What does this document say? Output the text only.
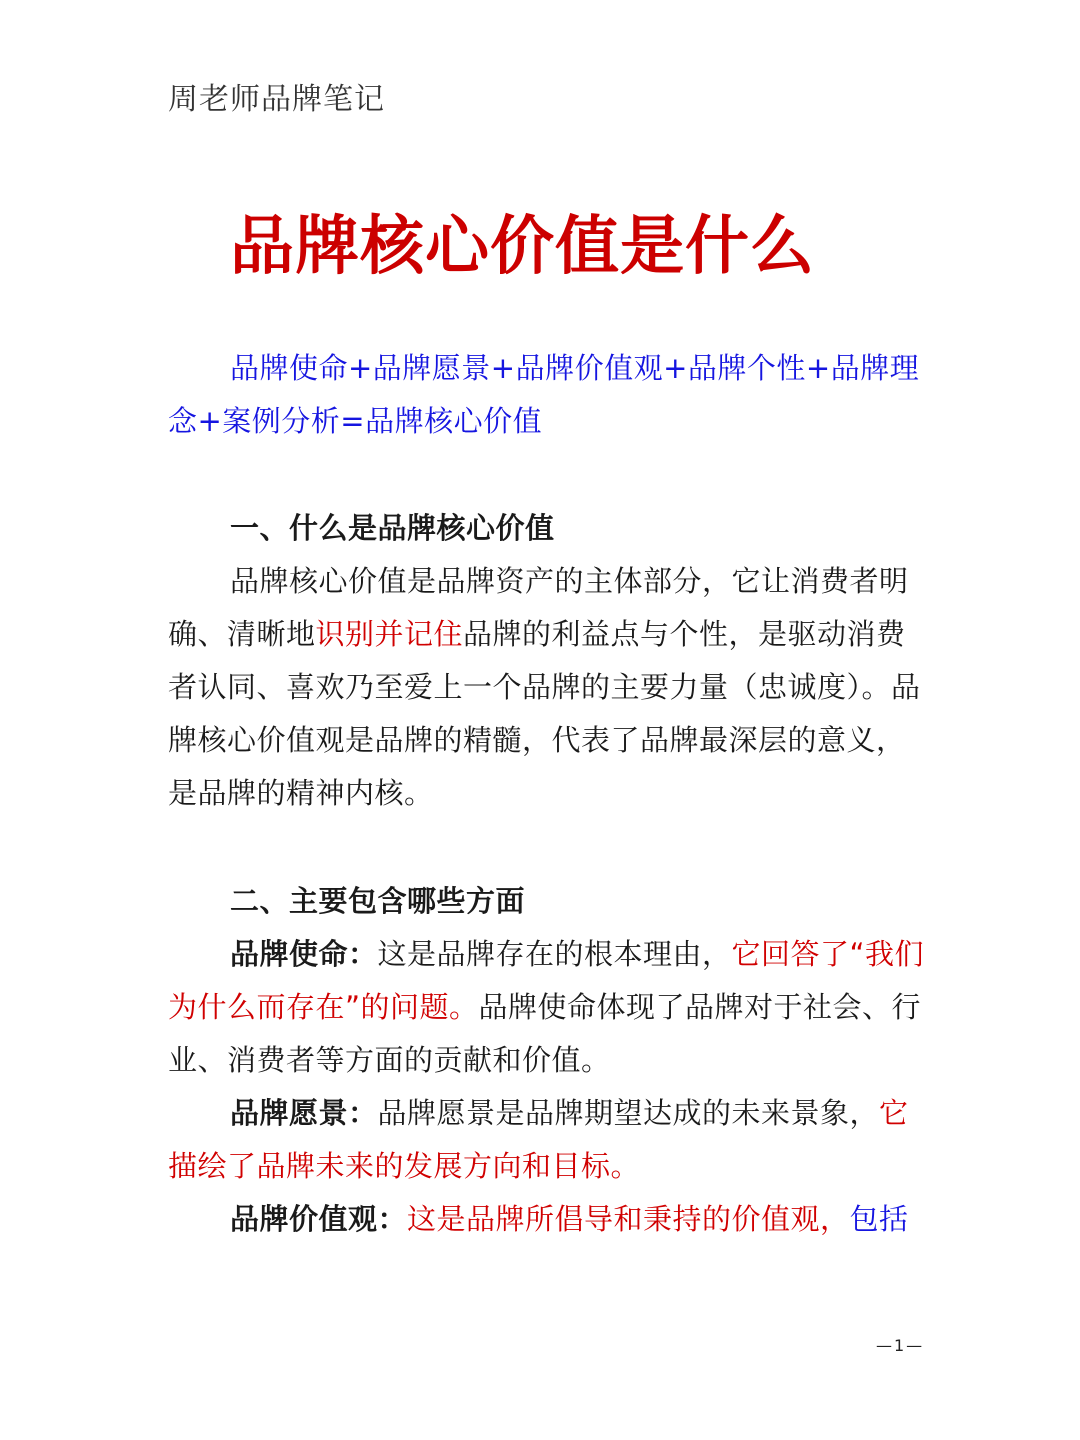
周老师品牌笔记
品牌核心价值是什么
品牌使命+品牌愿景+品牌价值观+品牌个性+品牌理念+案例分析=品牌核心价值

一、什么是品牌核心价值

品牌核心价值是品牌资产的主体部分，它让消费者明确、清晰地识别并记住品牌的利益点与个性，是驱动消费者认同、喜欢乃至爱上一个品牌的主要力量（忠诚度）。品牌核心价值观是品牌的精髓，代表了品牌最深层的意义，是品牌的精神内核。

二、主要包含哪些方面

品牌使命：这是品牌存在的根本理由，它回答了“我们为什么而存在”的问题。品牌使命体现了品牌对于社会、行业、消费者等方面的贡献和价值。

品牌愿景：品牌愿景是品牌期望达成的未来景象，它描绘了品牌未来的发展方向和目标。

品牌价值观：这是品牌所倡导和秉持的价值观，包括

—1—
